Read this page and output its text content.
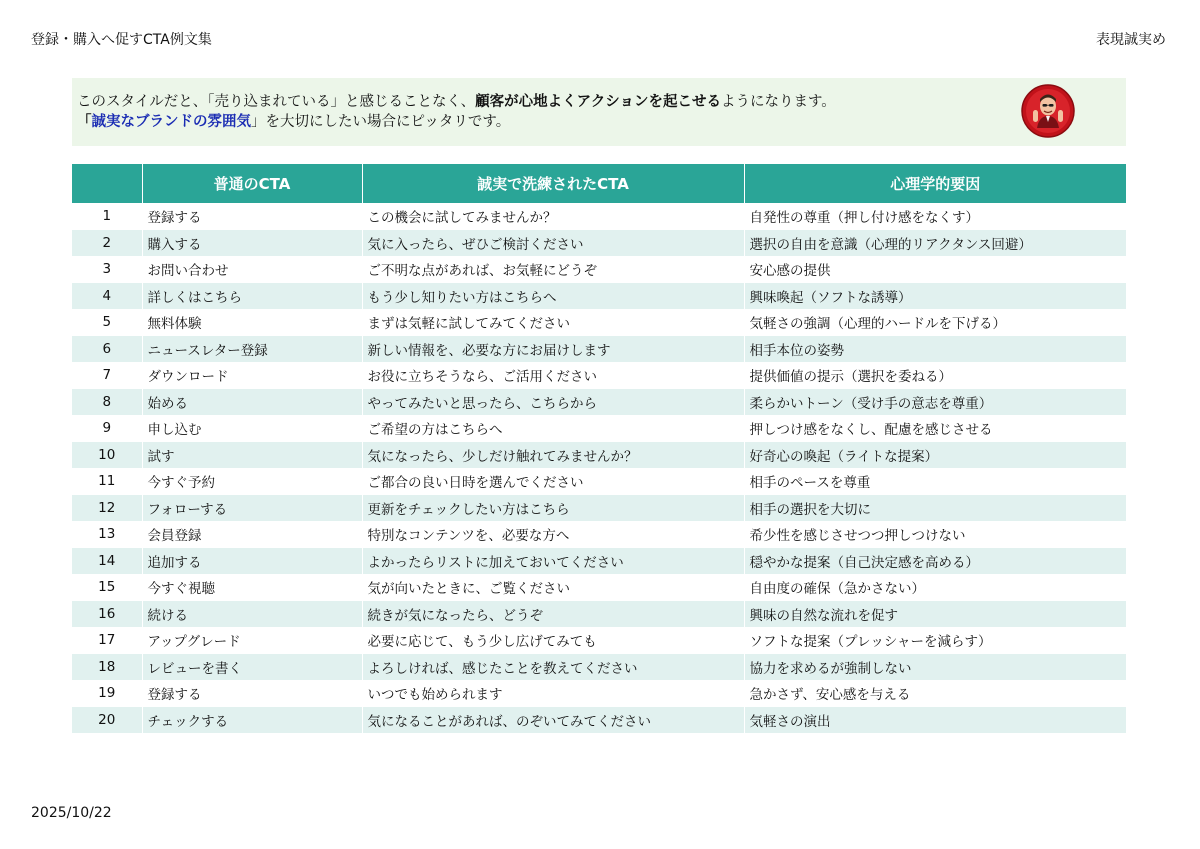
登録・購入へ促すCTA例文集	表現誠実め
このスタイルだと、「売り込まれている」と感じることなく、顧客が心地よくアクションを起こせるようになります。
「誠実なブランドの雰囲気」を大切にしたい場合にピッタリです。
	普通のCTA	誠実で洗練されたCTA	心理学的要因
1	登録する	この機会に試してみませんか？	自発性の尊重（押し付け感をなくす）
2	購入する	気に入ったら、ぜひご検討ください	選択の自由を意識（心理的リアクタンス回避）
3	お問い合わせ	ご不明な点があれば、お気軽にどうぞ	安心感の提供
4	詳しくはこちら	もう少し知りたい方はこちらへ	興味喚起（ソフトな誘導）
5	無料体験	まずは気軽に試してみてください	気軽さの強調（心理的ハードルを下げる）
6	ニュースレター登録	新しい情報を、必要な方にお届けします	相手本位の姿勢
7	ダウンロード	お役に立ちそうなら、ご活用ください	提供価値の提示（選択を委ねる）
8	始める	やってみたいと思ったら、こちらから	柔らかいトーン（受け手の意志を尊重）
9	申し込む	ご希望の方はこちらへ	押しつけ感をなくし、配慮を感じさせる
10	試す	気になったら、少しだけ触れてみませんか？	好奇心の喚起（ライトな提案）
11	今すぐ予約	ご都合の良い日時を選んでください	相手のペースを尊重
12	フォローする	更新をチェックしたい方はこちら	相手の選択を大切に
13	会員登録	特別なコンテンツを、必要な方へ	希少性を感じさせつつ押しつけない
14	追加する	よかったらリストに加えておいてください	穏やかな提案（自己決定感を高める）
15	今すぐ視聴	気が向いたときに、ご覧ください	自由度の確保（急かさない）
16	続ける	続きが気になったら、どうぞ	興味の自然な流れを促す
17	アップグレード	必要に応じて、もう少し広げてみても	ソフトな提案（プレッシャーを減らす）
18	レビューを書く	よろしければ、感じたことを教えてください	協力を求めるが強制しない
19	登録する	いつでも始められます	急かさず、安心感を与える
20	チェックする	気になることがあれば、のぞいてみてください	気軽さの演出
2025/10/22
